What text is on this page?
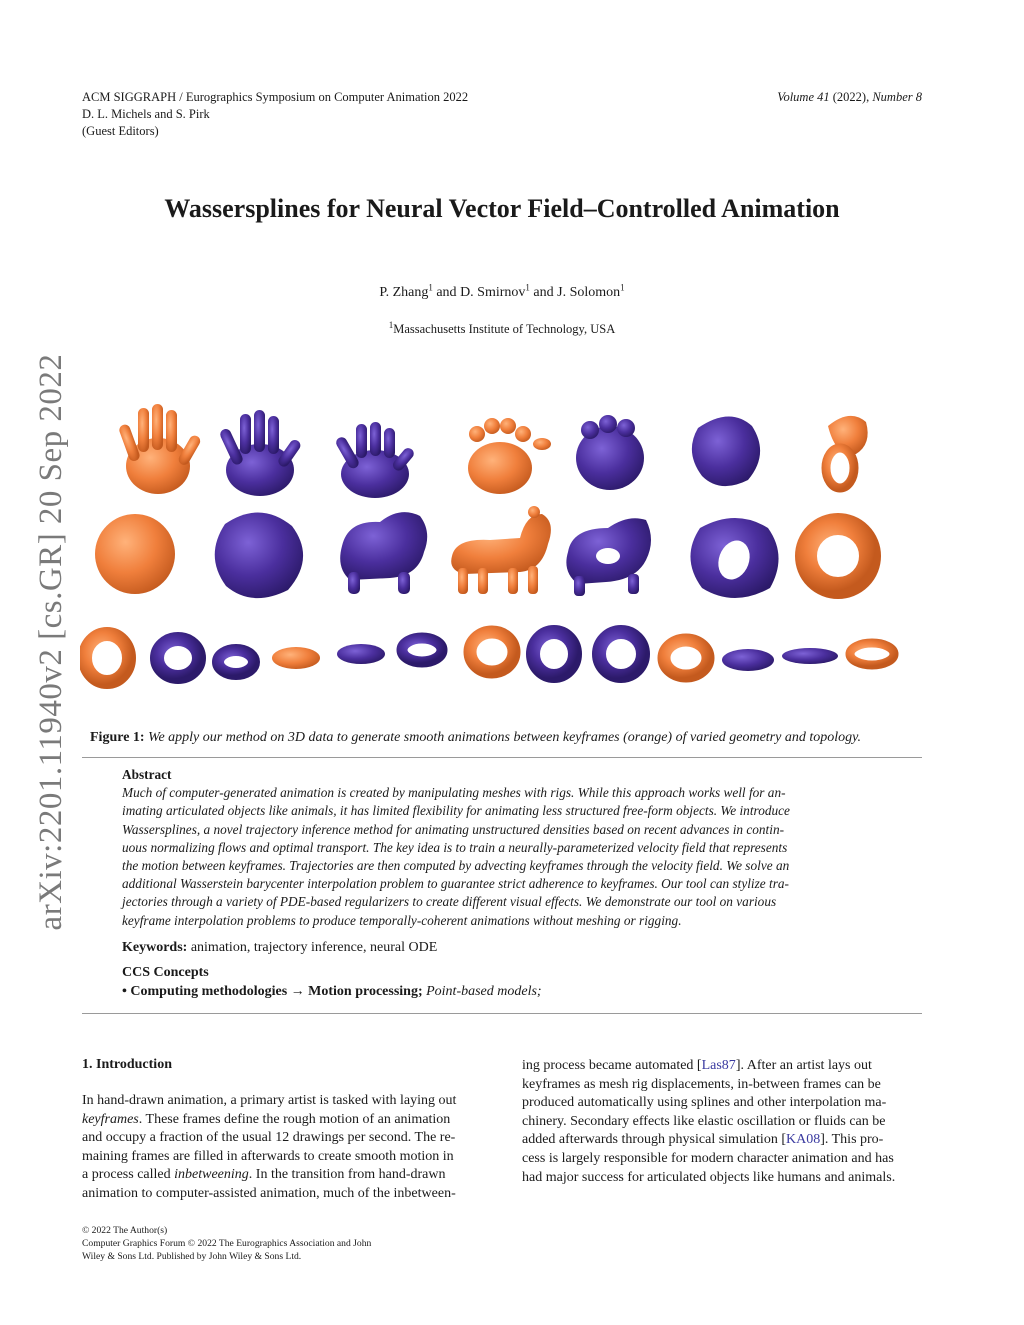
ACM SIGGRAPH / Eurographics Symposium on Computer Animation 2022
D. L. Michels and S. Pirk
(Guest Editors)
Volume 41 (2022), Number 8
arXiv:2201.11940v2 [cs.GR] 20 Sep 2022
Wassersplines for Neural Vector Field–Controlled Animation
P. Zhang$^1$ and D. Smirnov$^1$ and J. Solomon$^1$
$^1$Massachusetts Institute of Technology, USA
Figure 1: We apply our method on 3D data to generate smooth animations between keyframes (orange) of varied geometry and topology.
Abstract
Much of computer-generated animation is created by manipulating meshes with rigs. While this approach works well for an-
imating articulated objects like animals, it has limited flexibility for animating less structured free-form objects. We introduce
Wassersplines, a novel trajectory inference method for animating unstructured densities based on recent advances in contin-
uous normalizing flows and optimal transport. The key idea is to train a neurally-parameterized velocity field that represents
the motion between keyframes. Trajectories are then computed by advecting keyframes through the velocity field. We solve an
additional Wasserstein barycenter interpolation problem to guarantee strict adherence to keyframes. Our tool can stylize tra-
jectories through a variety of PDE-based regularizers to create different visual effects. We demonstrate our tool on various
keyframe interpolation problems to produce temporally-coherent animations without meshing or rigging.
Keywords: animation, trajectory inference, neural ODE
CCS Concepts
• Computing methodologies → Motion processing; Point-based models;
1. Introduction
In hand-drawn animation, a primary artist is tasked with laying out
keyframes. These frames define the rough motion of an animation
and occupy a fraction of the usual 12 drawings per second. The re-
maining frames are filled in afterwards to create smooth motion in
a process called inbetweening. In the transition from hand-drawn
animation to computer-assisted animation, much of the inbetween-
ing process became automated [Las87]. After an artist lays out
keyframes as mesh rig displacements, in-between frames can be
produced automatically using splines and other interpolation ma-
chinery. Secondary effects like elastic oscillation or fluids can be
added afterwards through physical simulation [KA08]. This pro-
cess is largely responsible for modern character animation and has
had major success for articulated objects like humans and animals.
© 2022 The Author(s)
Computer Graphics Forum © 2022 The Eurographics Association and John
Wiley & Sons Ltd. Published by John Wiley & Sons Ltd.
